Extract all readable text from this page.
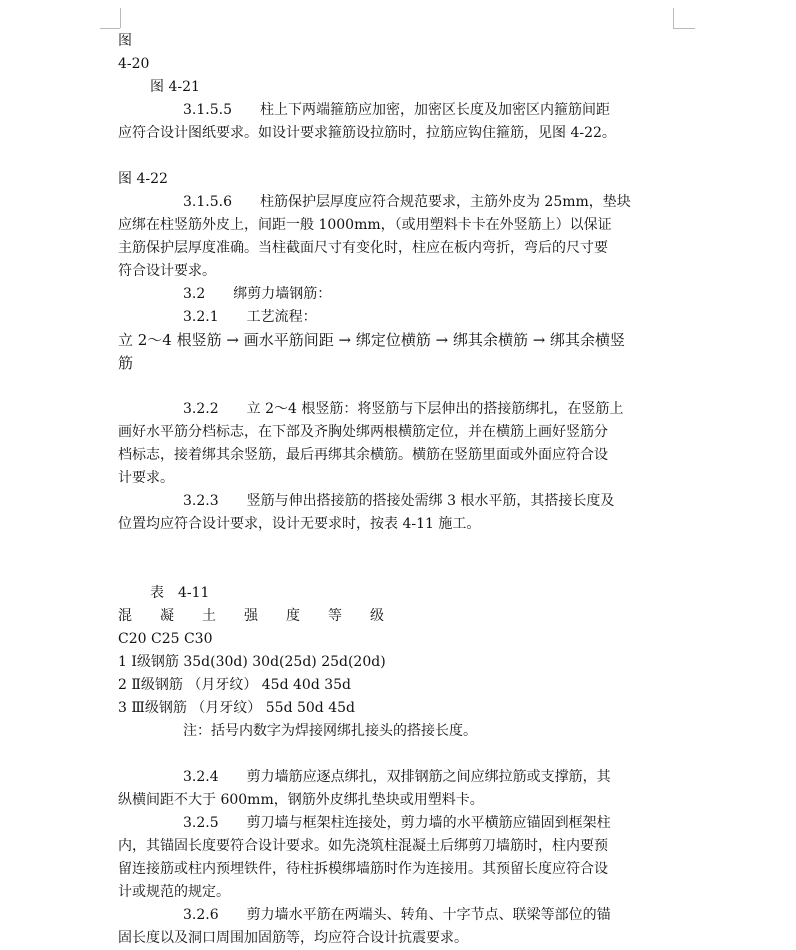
图
4-20
图 4-21
3.1.5.5　　柱上下两端箍筋应加密，加密区长度及加密区内箍筋间距
应符合设计图纸要求。如设计要求箍筋设拉筋时，拉筋应钩住箍筋，见图 4-22。
图 4-22
3.1.5.6　　柱筋保护层厚度应符合规范要求，主筋外皮为 25mm，垫块
应绑在柱竖筋外皮上，间距一般 1000mm，（或用塑料卡卡在外竖筋上）以保证
主筋保护层厚度准确。当柱截面尺寸有变化时，柱应在板内弯折，弯后的尺寸要
符合设计要求。
3.2　　绑剪力墙钢筋：
3.2.1　　工艺流程：
立 2～4 根竖筋 → 画水平筋间距 → 绑定位横筋 → 绑其余横筋 → 绑其余横竖
筋
3.2.2　　立 2～4 根竖筋：将竖筋与下层伸出的搭接筋绑扎，在竖筋上
画好水平筋分档标志，在下部及齐胸处绑两根横筋定位，并在横筋上画好竖筋分
档标志，接着绑其余竖筋，最后再绑其余横筋。横筋在竖筋里面或外面应符合设
计要求。
3.2.3　　竖筋与伸出搭接筋的搭接处需绑 3 根水平筋，其搭接长度及
位置均应符合设计要求，设计无要求时，按表 4-11 施工。
表　4-11
混　　凝　　土　　强　　度　　等　　级
C20 C25 C30
1 Ⅰ级钢筋 35d(30d) 30d(25d) 25d(20d)
2 Ⅱ级钢筋 （月牙纹） 45d 40d 35d
3 Ⅲ级钢筋 （月牙纹） 55d 50d 45d
注：括号内数字为焊接网绑扎接头的搭接长度。
3.2.4　　剪力墙筋应逐点绑扎，双排钢筋之间应绑拉筋或支撑筋，其
纵横间距不大于 600mm，钢筋外皮绑扎垫块或用塑料卡。
3.2.5　　剪刀墙与框架柱连接处，剪力墙的水平横筋应锚固到框架柱
内，其锚固长度要符合设计要求。如先浇筑柱混凝土后绑剪刀墙筋时，柱内要预
留连接筋或柱内预埋铁件，待柱拆模绑墙筋时作为连接用。其预留长度应符合设
计或规范的规定。
3.2.6　　剪力墙水平筋在两端头、转角、十字节点、联梁等部位的锚
固长度以及洞口周围加固筋等，均应符合设计抗震要求。
